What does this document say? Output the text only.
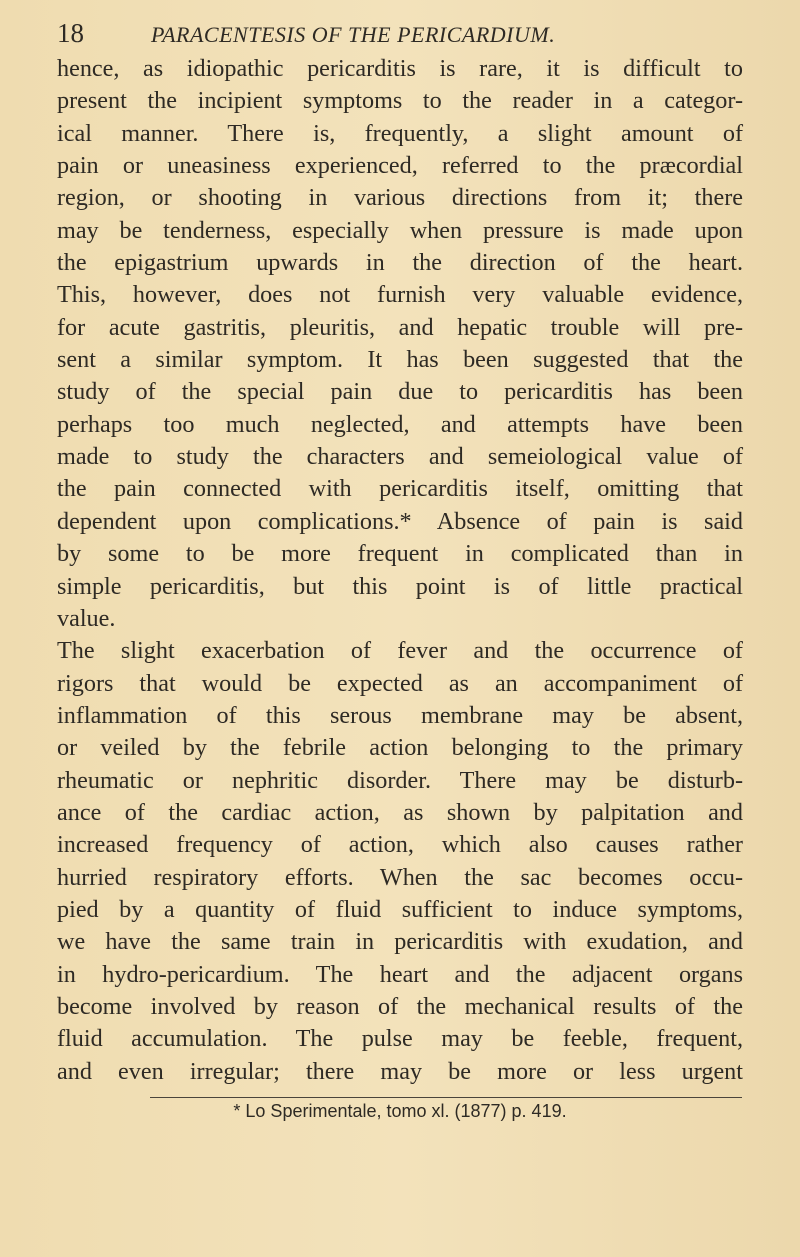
18	PARACENTESIS OF THE PERICARDIUM.
hence, as idiopathic pericarditis is rare, it is difficult to
present the incipient symptoms to the reader in a categor-
ical manner. There is, frequently, a slight amount of
pain or uneasiness experienced, referred to the præcordial
region, or shooting in various directions from it; there
may be tenderness, especially when pressure is made upon
the epigastrium upwards in the direction of the heart.
This, however, does not furnish very valuable evidence,
for acute gastritis, pleuritis, and hepatic trouble will pre-
sent a similar symptom. It has been suggested that the
study of the special pain due to pericarditis has been
perhaps too much neglected, and attempts have been
made to study the characters and semeiological value of
the pain connected with pericarditis itself, omitting that
dependent upon complications.* Absence of pain is said
by some to be more frequent in complicated than in
simple pericarditis, but this point is of little practical
value.
The slight exacerbation of fever and the occurrence of
rigors that would be expected as an accompaniment of
inflammation of this serous membrane may be absent,
or veiled by the febrile action belonging to the primary
rheumatic or nephritic disorder. There may be disturb-
ance of the cardiac action, as shown by palpitation and
increased frequency of action, which also causes rather
hurried respiratory efforts. When the sac becomes occu-
pied by a quantity of fluid sufficient to induce symptoms,
we have the same train in pericarditis with exudation, and
in hydro-pericardium. The heart and the adjacent organs
become involved by reason of the mechanical results of the
fluid accumulation. The pulse may be feeble, frequent,
and even irregular; there may be more or less urgent
* Lo Sperimentale, tomo xl. (1877) p. 419.
